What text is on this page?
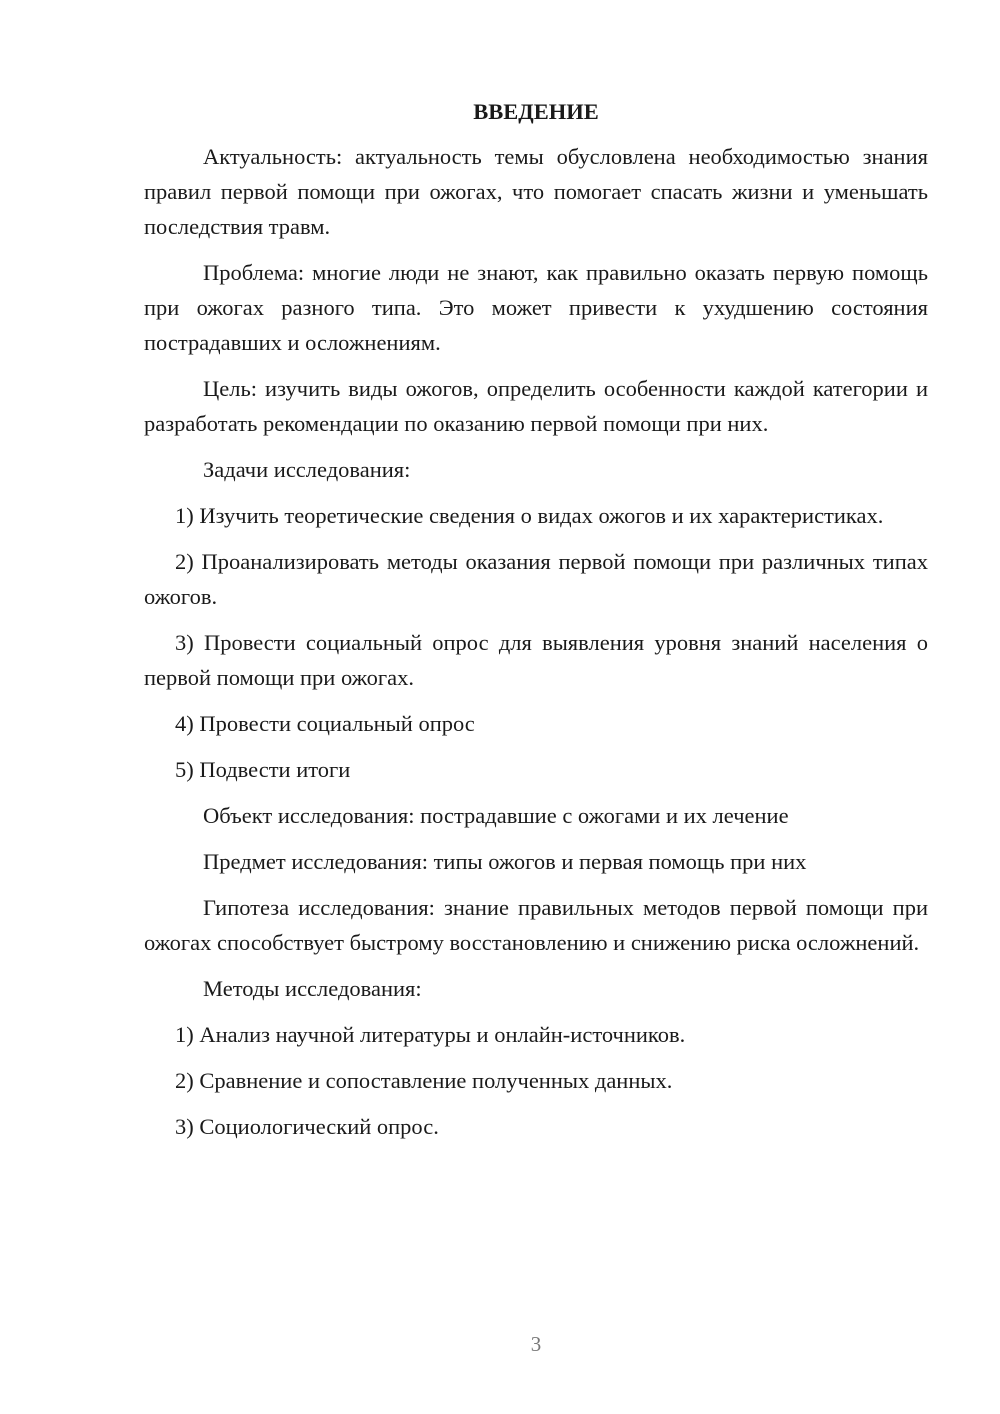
ВВЕДЕНИЕ

Актуальность: актуальность темы обусловлена необходимостью знания правил первой помощи при ожогах, что помогает спасать жизни и уменьшать последствия травм.

Проблема: многие люди не знают, как правильно оказать первую помощь при ожогах разного типа. Это может привести к ухудшению состояния пострадавших и осложнениям.

Цель: изучить виды ожогов, определить особенности каждой категории и разработать рекомендации по оказанию первой помощи при них.

Задачи исследования:

1) Изучить теоретические сведения о видах ожогов и их характеристиках.

2) Проанализировать методы оказания первой помощи при различных типах ожогов.

3) Провести социальный опрос для выявления уровня знаний населения о первой помощи при ожогах.

4) Провести социальный опрос

5) Подвести итоги

Объект исследования: пострадавшие с ожогами и их лечение

Предмет исследования: типы ожогов и первая помощь при них

Гипотеза исследования: знание правильных методов первой помощи при ожогах способствует быстрому восстановлению и снижению риска осложнений.

Методы исследования:

1) Анализ научной литературы и онлайн-источников.

2) Сравнение и сопоставление полученных данных.

3) Социологический опрос.

3
